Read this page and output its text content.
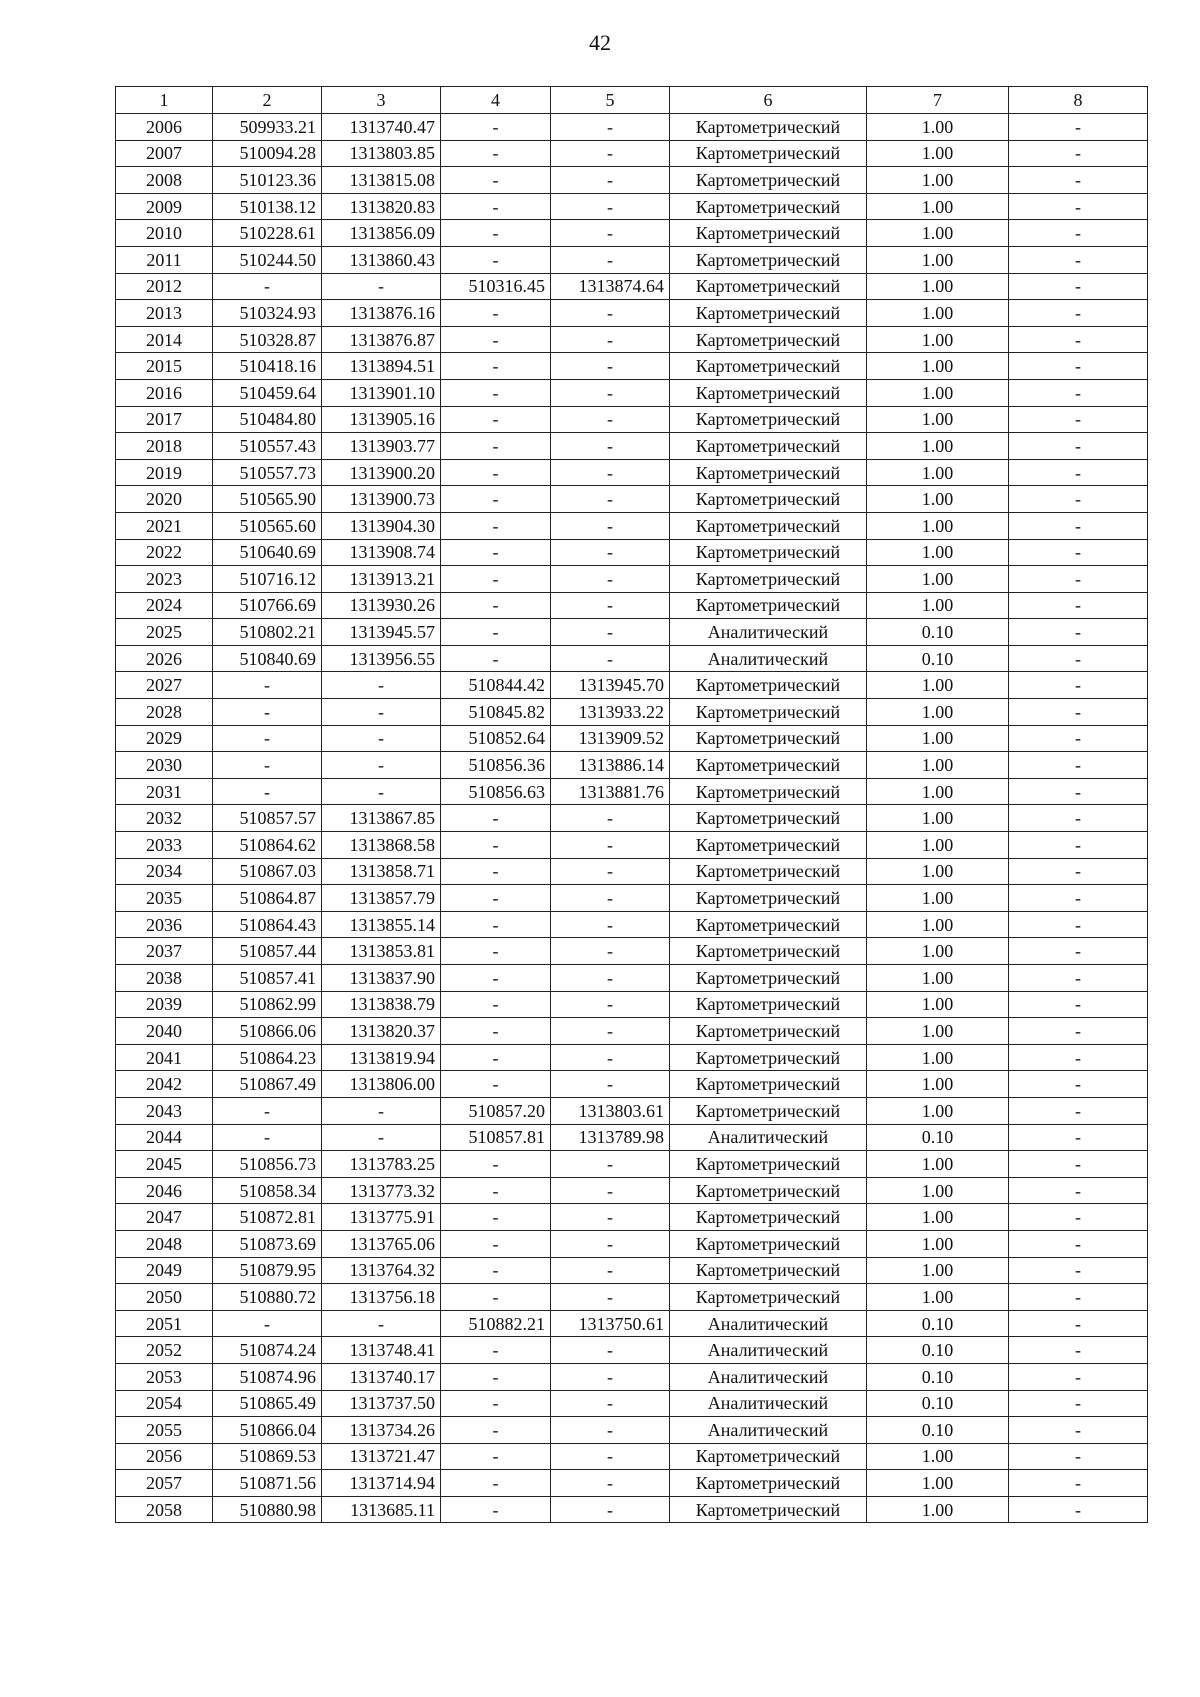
42
1	2	3	4	5	6	7	8
2006	509933.21	1313740.47	-	-	Картометрический	1.00	-
2007	510094.28	1313803.85	-	-	Картометрический	1.00	-
2008	510123.36	1313815.08	-	-	Картометрический	1.00	-
2009	510138.12	1313820.83	-	-	Картометрический	1.00	-
2010	510228.61	1313856.09	-	-	Картометрический	1.00	-
2011	510244.50	1313860.43	-	-	Картометрический	1.00	-
2012	-	-	510316.45	1313874.64	Картометрический	1.00	-
2013	510324.93	1313876.16	-	-	Картометрический	1.00	-
2014	510328.87	1313876.87	-	-	Картометрический	1.00	-
2015	510418.16	1313894.51	-	-	Картометрический	1.00	-
2016	510459.64	1313901.10	-	-	Картометрический	1.00	-
2017	510484.80	1313905.16	-	-	Картометрический	1.00	-
2018	510557.43	1313903.77	-	-	Картометрический	1.00	-
2019	510557.73	1313900.20	-	-	Картометрический	1.00	-
2020	510565.90	1313900.73	-	-	Картометрический	1.00	-
2021	510565.60	1313904.30	-	-	Картометрический	1.00	-
2022	510640.69	1313908.74	-	-	Картометрический	1.00	-
2023	510716.12	1313913.21	-	-	Картометрический	1.00	-
2024	510766.69	1313930.26	-	-	Картометрический	1.00	-
2025	510802.21	1313945.57	-	-	Аналитический	0.10	-
2026	510840.69	1313956.55	-	-	Аналитический	0.10	-
2027	-	-	510844.42	1313945.70	Картометрический	1.00	-
2028	-	-	510845.82	1313933.22	Картометрический	1.00	-
2029	-	-	510852.64	1313909.52	Картометрический	1.00	-
2030	-	-	510856.36	1313886.14	Картометрический	1.00	-
2031	-	-	510856.63	1313881.76	Картометрический	1.00	-
2032	510857.57	1313867.85	-	-	Картометрический	1.00	-
2033	510864.62	1313868.58	-	-	Картометрический	1.00	-
2034	510867.03	1313858.71	-	-	Картометрический	1.00	-
2035	510864.87	1313857.79	-	-	Картометрический	1.00	-
2036	510864.43	1313855.14	-	-	Картометрический	1.00	-
2037	510857.44	1313853.81	-	-	Картометрический	1.00	-
2038	510857.41	1313837.90	-	-	Картометрический	1.00	-
2039	510862.99	1313838.79	-	-	Картометрический	1.00	-
2040	510866.06	1313820.37	-	-	Картометрический	1.00	-
2041	510864.23	1313819.94	-	-	Картометрический	1.00	-
2042	510867.49	1313806.00	-	-	Картометрический	1.00	-
2043	-	-	510857.20	1313803.61	Картометрический	1.00	-
2044	-	-	510857.81	1313789.98	Аналитический	0.10	-
2045	510856.73	1313783.25	-	-	Картометрический	1.00	-
2046	510858.34	1313773.32	-	-	Картометрический	1.00	-
2047	510872.81	1313775.91	-	-	Картометрический	1.00	-
2048	510873.69	1313765.06	-	-	Картометрический	1.00	-
2049	510879.95	1313764.32	-	-	Картометрический	1.00	-
2050	510880.72	1313756.18	-	-	Картометрический	1.00	-
2051	-	-	510882.21	1313750.61	Аналитический	0.10	-
2052	510874.24	1313748.41	-	-	Аналитический	0.10	-
2053	510874.96	1313740.17	-	-	Аналитический	0.10	-
2054	510865.49	1313737.50	-	-	Аналитический	0.10	-
2055	510866.04	1313734.26	-	-	Аналитический	0.10	-
2056	510869.53	1313721.47	-	-	Картометрический	1.00	-
2057	510871.56	1313714.94	-	-	Картометрический	1.00	-
2058	510880.98	1313685.11	-	-	Картометрический	1.00	-
